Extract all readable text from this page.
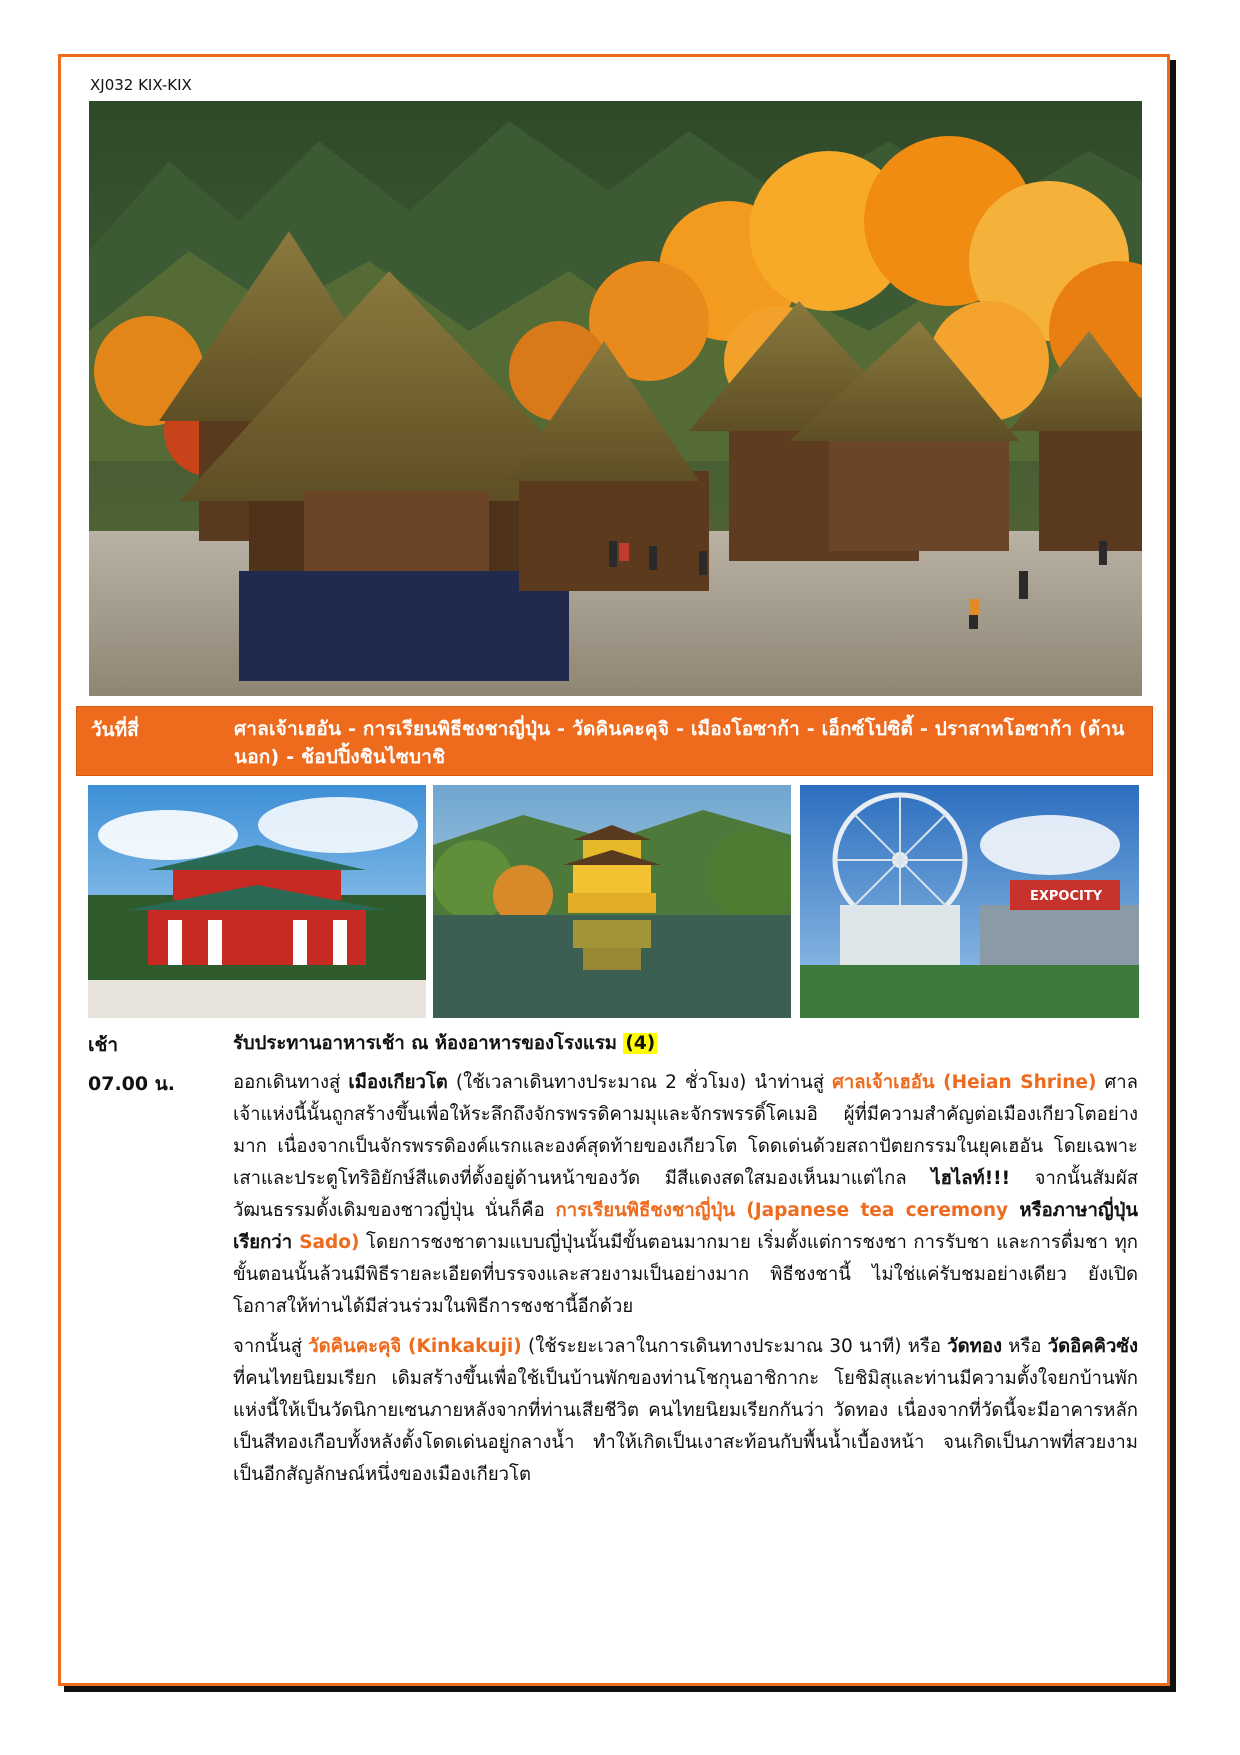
XJ032 KIX-KIX
วันที่สี่	ศาลเจ้าเฮอัน - การเรียนพิธีชงชาญี่ปุ่น - วัดคินคะคุจิ - เมืองโอซาก้า - เอ็กซ์โปซิตี้ - ปราสาทโอซาก้า (ด้านนอก) - ช้อปปิ้งชินไซบาชิ
EXPOCITY
เช้า	รับประทานอาหารเช้า ณ ห้องอาหารของโรงแรม (4)
07.00 น.	ออกเดินทางสู่ เมืองเกียวโต (ใช้เวลาเดินทางประมาณ 2 ชั่วโมง) นำท่านสู่ ศาลเจ้าเฮอัน (Heian Shrine) ศาลเจ้าแห่งนี้นั้นถูกสร้างขึ้นเพื่อให้ระลึกถึงจักรพรรดิคามมุและจักรพรรดิ์โคเมอิ ผู้ที่มีความสำคัญต่อเมืองเกียวโตอย่างมาก เนื่องจากเป็นจักรพรรดิองค์แรกและองค์สุดท้ายของเกียวโต โดดเด่นด้วยสถาปัตยกรรมในยุคเฮอัน โดยเฉพาะเสาและประตูโทริอิยักษ์สีแดงที่ตั้งอยู่ด้านหน้าของวัด มีสีแดงสดใสมองเห็นมาแต่ไกล ไฮไลท์!!! จากนั้นสัมผัสวัฒนธรรมดั้งเดิมของชาวญี่ปุ่น นั่นก็คือ การเรียนพิธีชงชาญี่ปุ่น (Japanese tea ceremony หรือภาษาญี่ปุ่นเรียกว่า Sado) โดยการชงชาตามแบบญี่ปุ่นนั้นมีขั้นตอนมากมาย เริ่มตั้งแต่การชงชา การรับชา และการดื่มชา ทุกขั้นตอนนั้นล้วนมีพิธีรายละเอียดที่บรรจงและสวยงามเป็นอย่างมาก พิธีชงชานี้ ไม่ใช่แค่รับชมอย่างเดียว ยังเปิดโอกาสให้ท่านได้มีส่วนร่วมในพิธีการชงชานี้อีกด้วย

จากนั้นสู่ วัดคินคะคุจิ (Kinkakuji) (ใช้ระยะเวลาในการเดินทางประมาณ 30 นาที) หรือ วัดทอง หรือ วัดอิคคิวซัง ที่คนไทยนิยมเรียก เดิมสร้างขึ้นเพื่อใช้เป็นบ้านพักของท่านโชกุนอาชิกากะ โยชิมิสุและท่านมีความตั้งใจยกบ้านพักแห่งนี้ให้เป็นวัดนิกายเซนภายหลังจากที่ท่านเสียชีวิต คนไทยนิยมเรียกกันว่า วัดทอง เนื่องจากที่วัดนี้จะมีอาคารหลักเป็นสีทองเกือบทั้งหลังตั้งโดดเด่นอยู่กลางน้ำ ทำให้เกิดเป็นเงาสะท้อนกับพื้นน้ำเบื้องหน้า จนเกิดเป็นภาพที่สวยงามเป็นอีกสัญลักษณ์หนึ่งของเมืองเกียวโต
